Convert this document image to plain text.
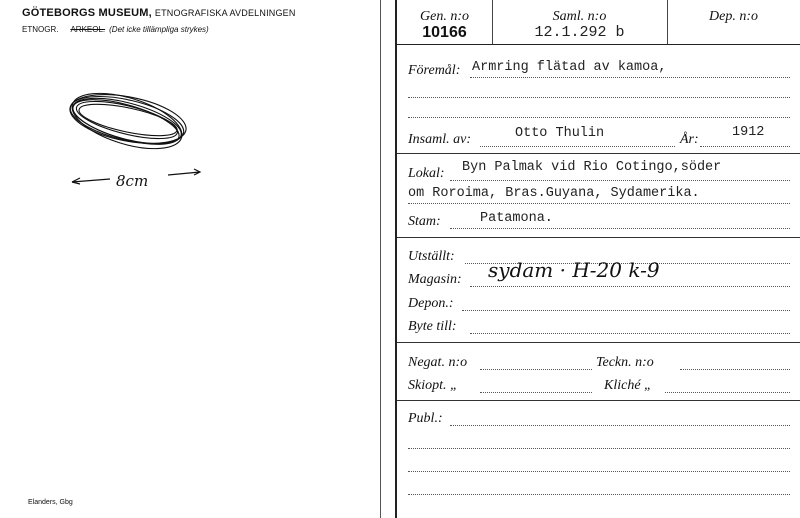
GÖTEBORGS MUSEUM, ETNOGRAFISKA AVDELNINGEN
ETNOGR. ARKEOL. (Det icke tillämpliga strykes)
8cm
Elanders, Gbg
Gen. n:o
10166
Saml. n:o
12.1.292 b
Dep. n:o
Föremål: Armring flätad av kamoa,
Insaml. av:	Otto Thulin	År: 1912
Lokal: Byn Palmak vid Rio Cotingo,söder
om Roroima, Bras.Guyana, Sydamerika.
Stam:	Patamona.
Utställt:
Magasin: sydam · H-20 k-9
Depon.:
Byte till:
Negat. n:o	Teckn. n:o
Skiopt. „	Kliché „
Publ.:
